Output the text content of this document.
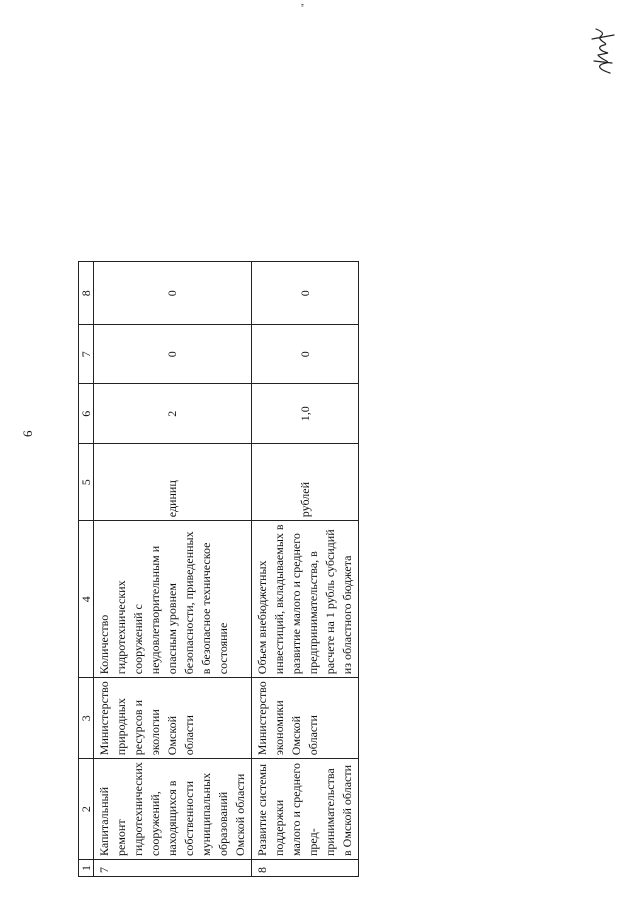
6
"
1	2	3	4	5	6	7	8
7	Капитальный ремонт гидротехнических сооружений, находящихся в собственности муниципальных образований Омской области	Министерство природных ресурсов и экологии Омской области	Количество гидротехнических сооружений с неудовлетворительным и опасным уровнем безопасности, приведенных в безопасное техническое состояние	единиц	2	0	0
8	Развитие системы поддержки малого и среднего пред-принимательства в Омской области	Министерство экономики Омской области	Объем внебюджетных инвестиций, вкладываемых в развитие малого и среднего предпринимательства, в расчете на 1 рубль субсидий из областного бюджета	рублей	1,0	0	0
